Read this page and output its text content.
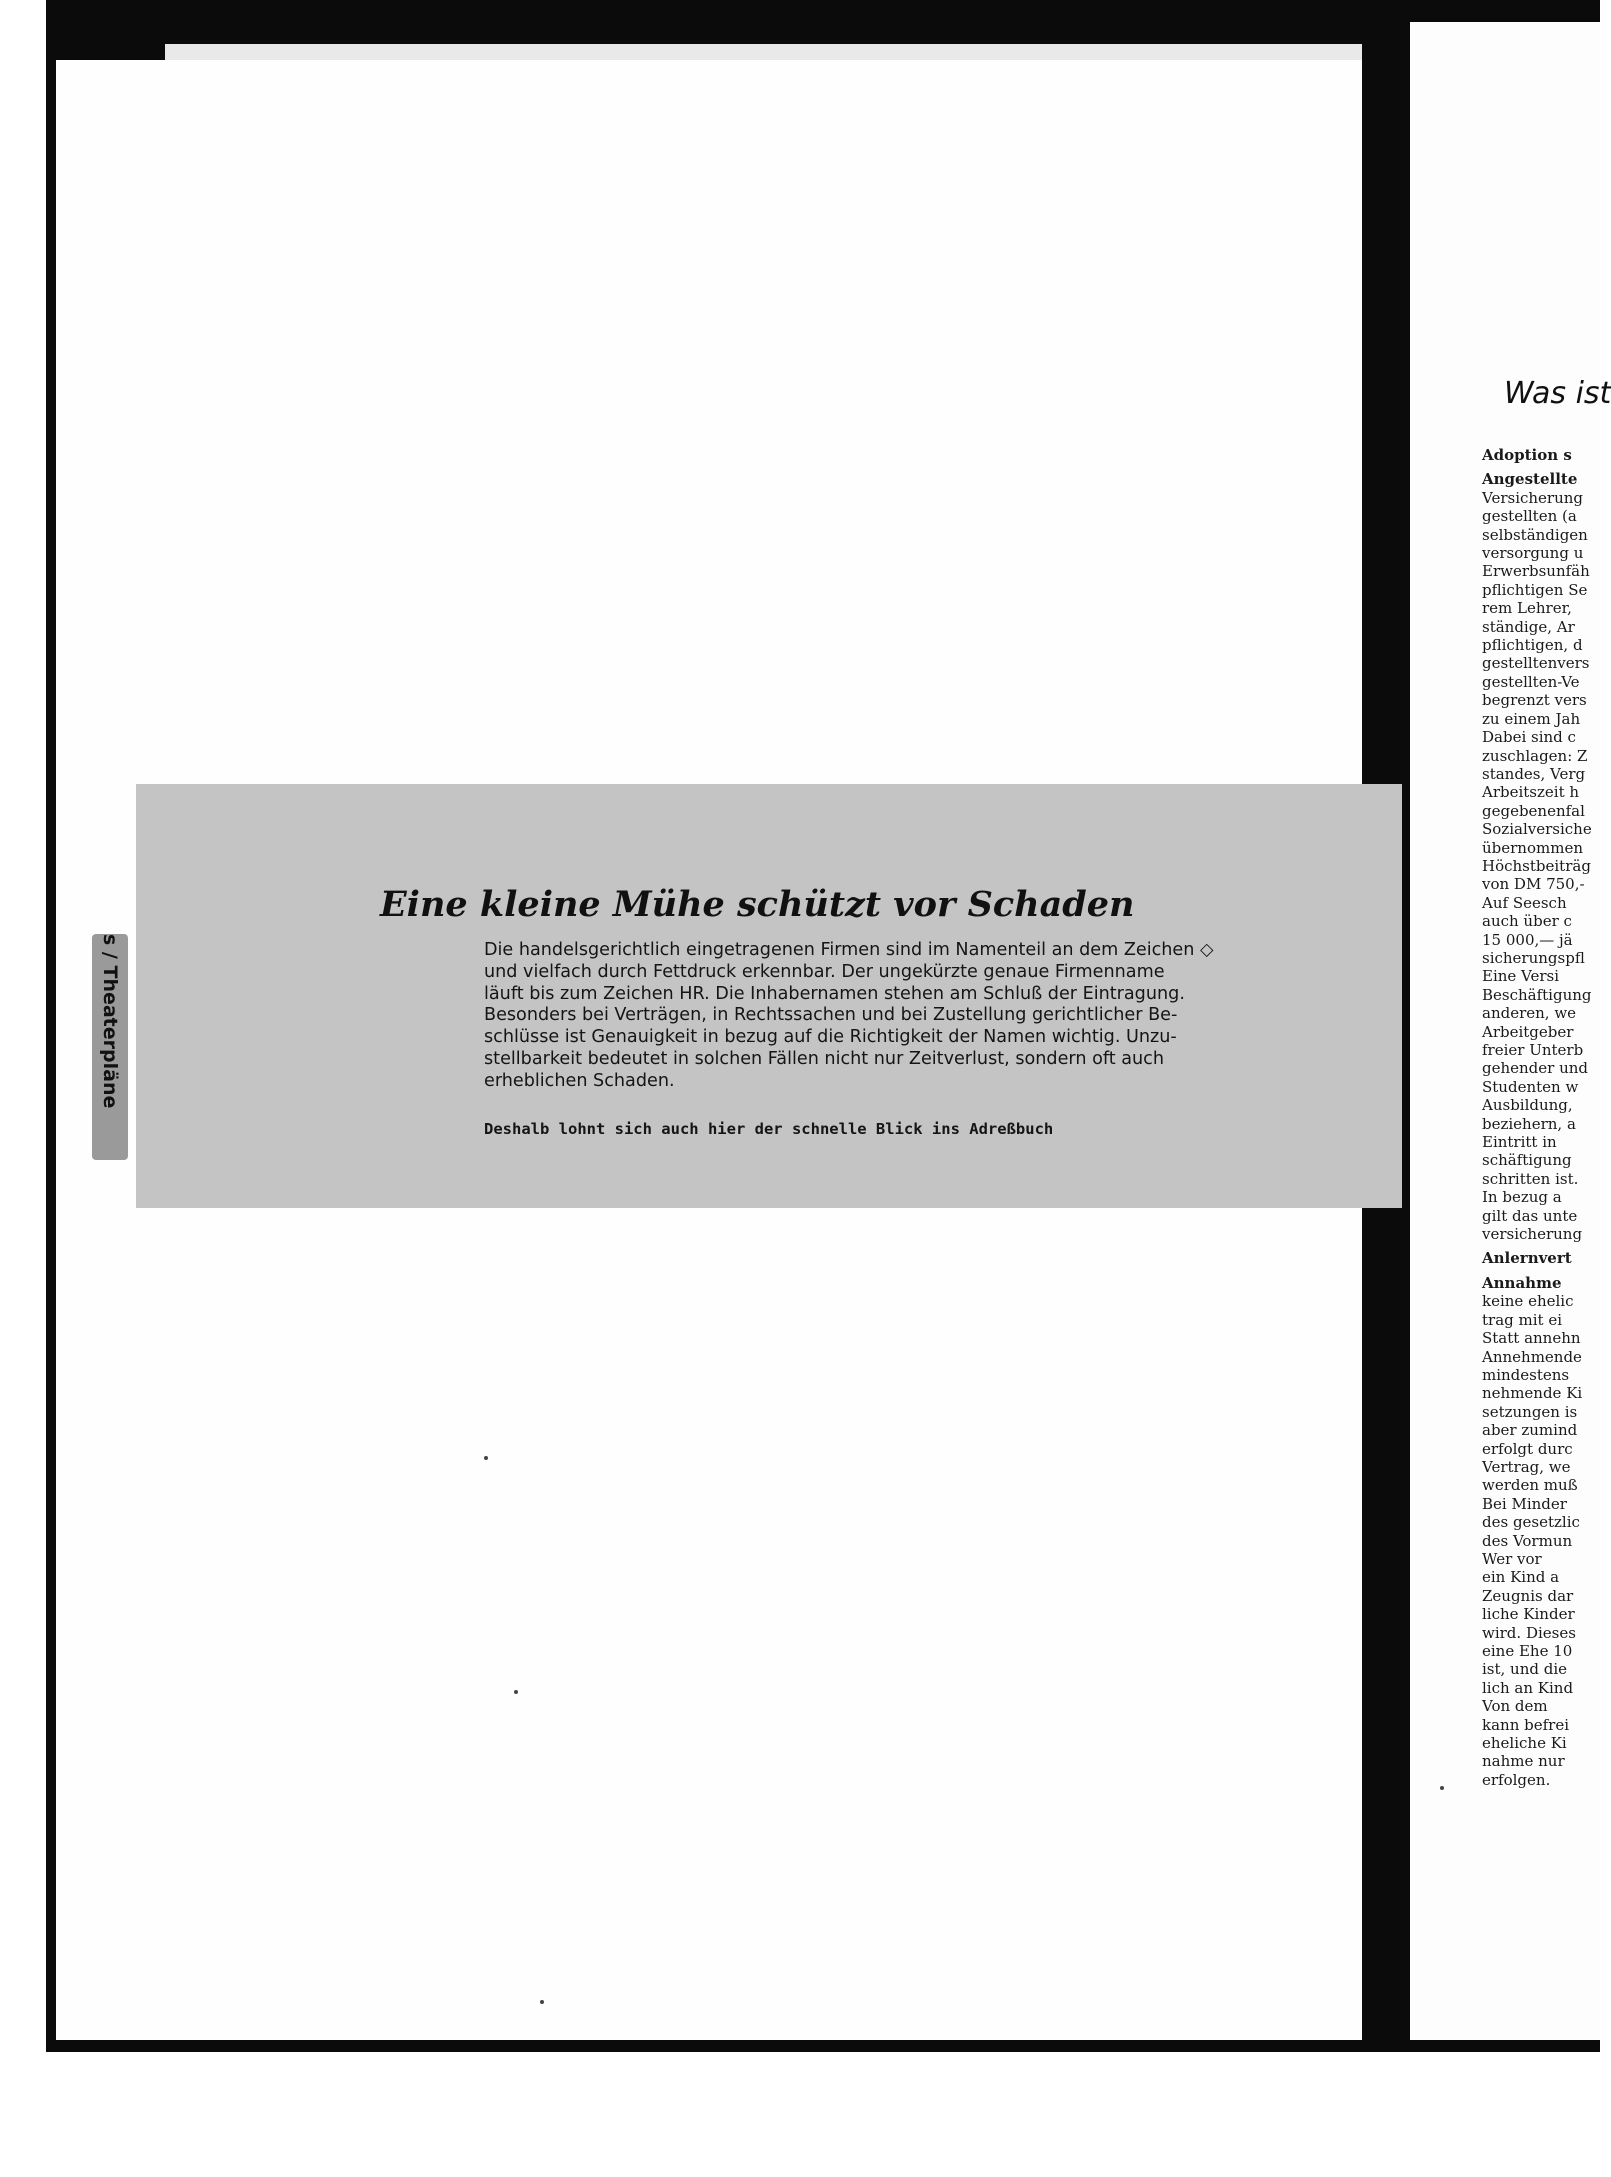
s / Theaterpläne
Eine kleine Mühe schützt vor Schaden
Die handelsgerichtlich eingetragenen Firmen sind im Namenteil an dem Zeichen ◇
und vielfach durch Fettdruck erkennbar. Der ungekürzte genaue Firmenname
läuft bis zum Zeichen HR. Die Inhabernamen stehen am Schluß der Eintragung.
Besonders bei Verträgen, in Rechtssachen und bei Zustellung gerichtlicher Be-
schlüsse ist Genauigkeit in bezug auf die Richtigkeit der Namen wichtig. Unzu-
stellbarkeit bedeutet in solchen Fällen nicht nur Zeitverlust, sondern oft auch
erheblichen Schaden.
Deshalb lohnt sich auch hier der schnelle Blick ins Adreßbuch
Was ist
Adoption s
Angestellte
Versicherung
gestellten (a
selbständigen
versorgung u
Erwerbsunfäh
pflichtigen Se
rem Lehrer,
ständige, Ar
pflichtigen, d
gestelltenvers
gestellten-Ve
begrenzt vers
zu einem Jah
Dabei sind c
zuschlagen: Z
standes, Verg
Arbeitszeit h
gegebenenfal
Sozialversiche
übernommen
Höchstbeiträg
von DM 750,-
Auf Seesch
auch über c
15 000,— jä
sicherungspfl
Eine Versi
Beschäftigung
anderen, we
Arbeitgeber
freier Unterb
gehender und
Studenten w
Ausbildung,
beziehern, a
Eintritt in
schäftigung
schritten ist.
In bezug a
gilt das unte
versicherung
Anlernvert
Annahme
keine ehelic
trag mit ei
Statt annehn
Annehmende
mindestens
nehmende Ki
setzungen is
aber zumind
erfolgt durc
Vertrag, we
werden muß
Bei Minder
des gesetzlic
des Vormun
Wer vor
ein Kind a
Zeugnis dar
liche Kinder
wird. Dieses
eine Ehe 10
ist, und die
lich an Kind
Von dem
kann befrei
eheliche Ki
nahme nur
erfolgen.
